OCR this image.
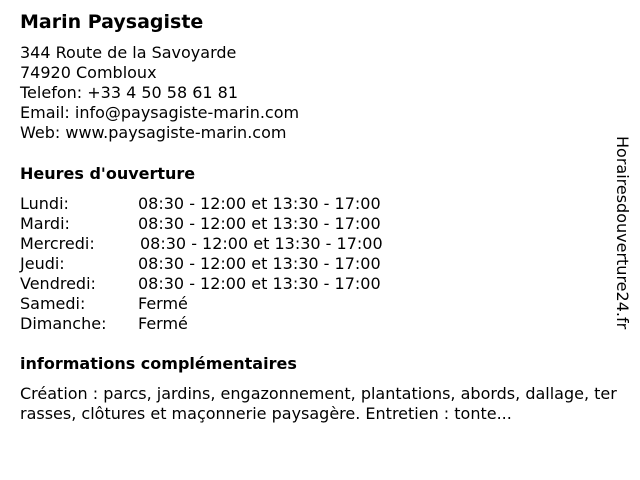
Marin Paysagiste
344 Route de la Savoyarde
74920 Combloux
Telefon: +33 4 50 58 61 81
Email: info@paysagiste-marin.com
Web: www.paysagiste-marin.com
Heures d'ouverture
Lundi:	08:30 - 12:00 et 13:30 - 17:00
Mardi:	08:30 - 12:00 et 13:30 - 17:00
Mercredi:	08:30 - 12:00 et 13:30 - 17:00
Jeudi:	08:30 - 12:00 et 13:30 - 17:00
Vendredi:	08:30 - 12:00 et 13:30 - 17:00
Samedi:	Fermé
Dimanche: Fermé
informations complémentaires
Création : parcs, jardins, engazonnement, plantations, abords, dallage, terrasses, clôtures et maçonnerie paysagère. Entretien : tonte...
Horairesdouverture24.fr
